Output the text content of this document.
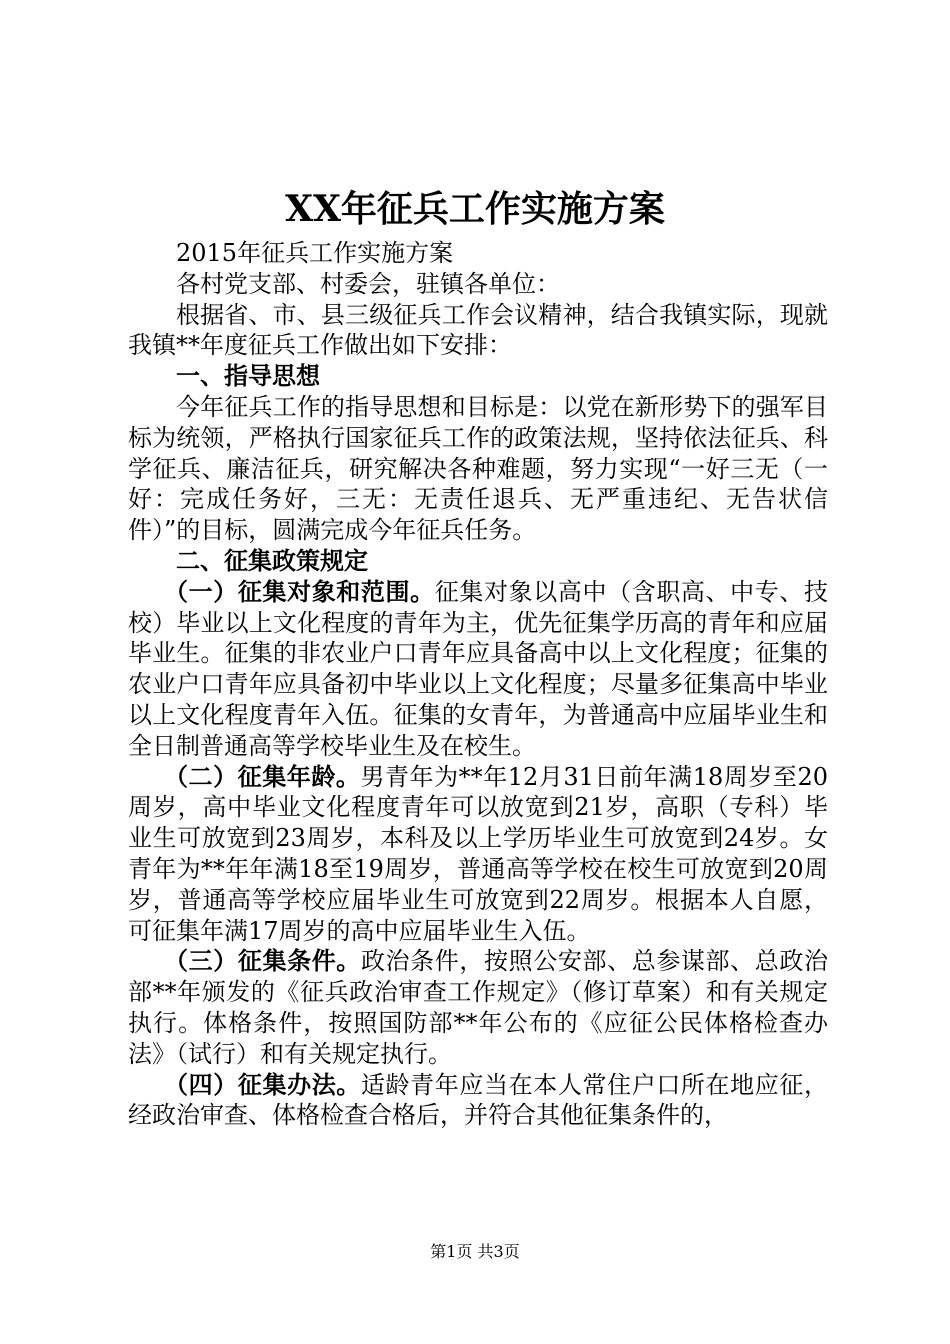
XX年征兵工作实施方案

2015年征兵工作实施方案

各村党支部、村委会，驻镇各单位：

根据省、市、县三级征兵工作会议精神，结合我镇实际，现就我镇**年度征兵工作做出如下安排：

一、指导思想

今年征兵工作的指导思想和目标是：以党在新形势下的强军目标为统领，严格执行国家征兵工作的政策法规，坚持依法征兵、科学征兵、廉洁征兵，研究解决各种难题，努力实现“一好三无（一好：完成任务好，三无：无责任退兵、无严重违纪、无告状信件）”的目标，圆满完成今年征兵任务。

二、征集政策规定

（一）征集对象和范围。征集对象以高中（含职高、中专、技校）毕业以上文化程度的青年为主，优先征集学历高的青年和应届毕业生。征集的非农业户口青年应具备高中以上文化程度；征集的农业户口青年应具备初中毕业以上文化程度；尽量多征集高中毕业以上文化程度青年入伍。征集的女青年，为普通高中应届毕业生和全日制普通高等学校毕业生及在校生。

（二）征集年龄。男青年为**年12月31日前年满18周岁至20周岁，高中毕业文化程度青年可以放宽到21岁，高职（专科）毕业生可放宽到23周岁，本科及以上学历毕业生可放宽到24岁。女青年为**年年满18至19周岁，普通高等学校在校生可放宽到20周岁，普通高等学校应届毕业生可放宽到22周岁。根据本人自愿，可征集年满17周岁的高中应届毕业生入伍。

（三）征集条件。政治条件，按照公安部、总参谋部、总政治部**年颁发的《征兵政治审查工作规定》（修订草案）和有关规定执行。体格条件，按照国防部**年公布的《应征公民体格检查办法》（试行）和有关规定执行。

（四）征集办法。适龄青年应当在本人常住户口所在地应征，经政治审查、体格检查合格后，并符合其他征集条件的，

第1页 共3页
